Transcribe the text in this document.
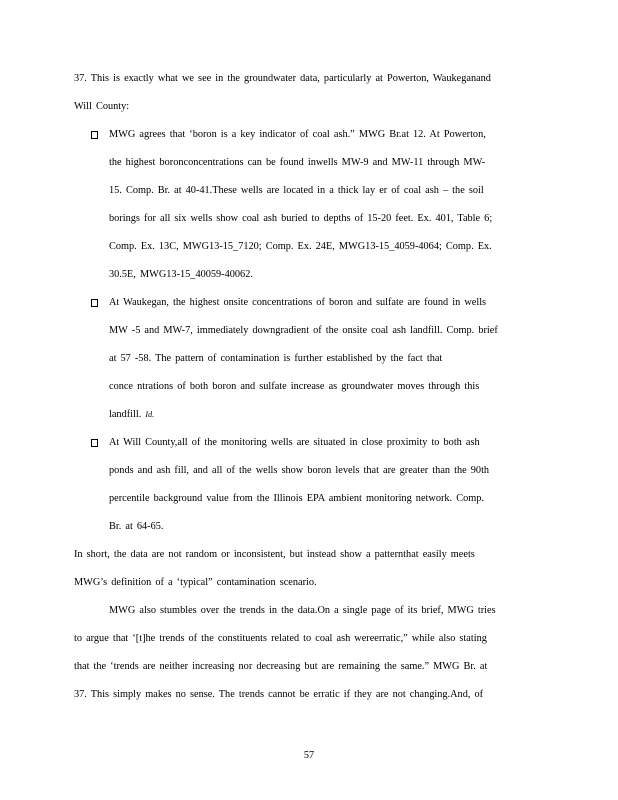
37. This is exactly what we see in the groundwater data, particularly at Powerton, Waukeganand
Will County:
MWG agrees that ‘boron is a key indicator of coal ash.” MWG Br.at 12. At Powerton,
the highest boronconcentrations can be found inwells MW-9 and MW-11 through MW-
15. Comp. Br. at 40-41.These wells are located in a thick lay er of coal ash – the soil
borings for all six wells show coal ash buried to depths of 15-20 feet. Ex. 401, Table 6;
Comp. Ex. 13C, MWG13-15_7120; Comp. Ex. 24E, MWG13-15_4059-4064; Comp. Ex.
30.5E, MWG13-15_40059-40062.
At Waukegan, the highest onsite concentrations of boron and sulfate are found in wells
MW -5 and MW-7, immediately downgradient of the onsite coal ash landfill. Comp. brief
at 57 -58. The pattern of contamination is further established by the fact that
conce ntrations of both boron and sulfate increase as groundwater moves through this
landfill. Id.
At Will County,all of the monitoring wells are situated in close proximity to both ash
ponds and ash fill, and all of the wells show boron levels that are greater than the 90th
percentile background value from the Illinois EPA ambient monitoring network. Comp.
Br. at 64-65.
In short, the data are not random or inconsistent, but instead show a patternthat easily meets
MWG’s definition of a ‘typical” contamination scenario.
MWG also stumbles over the trends in the data.On a single page of its brief, MWG tries
to argue that ‘[t]he trends of the constituents related to coal ash wereerratic,” while also stating
that the ‘trends are neither increasing nor decreasing but are remaining the same.” MWG Br. at
37. This simply makes no sense. The trends cannot be erratic if they are not changing.And, of
57
